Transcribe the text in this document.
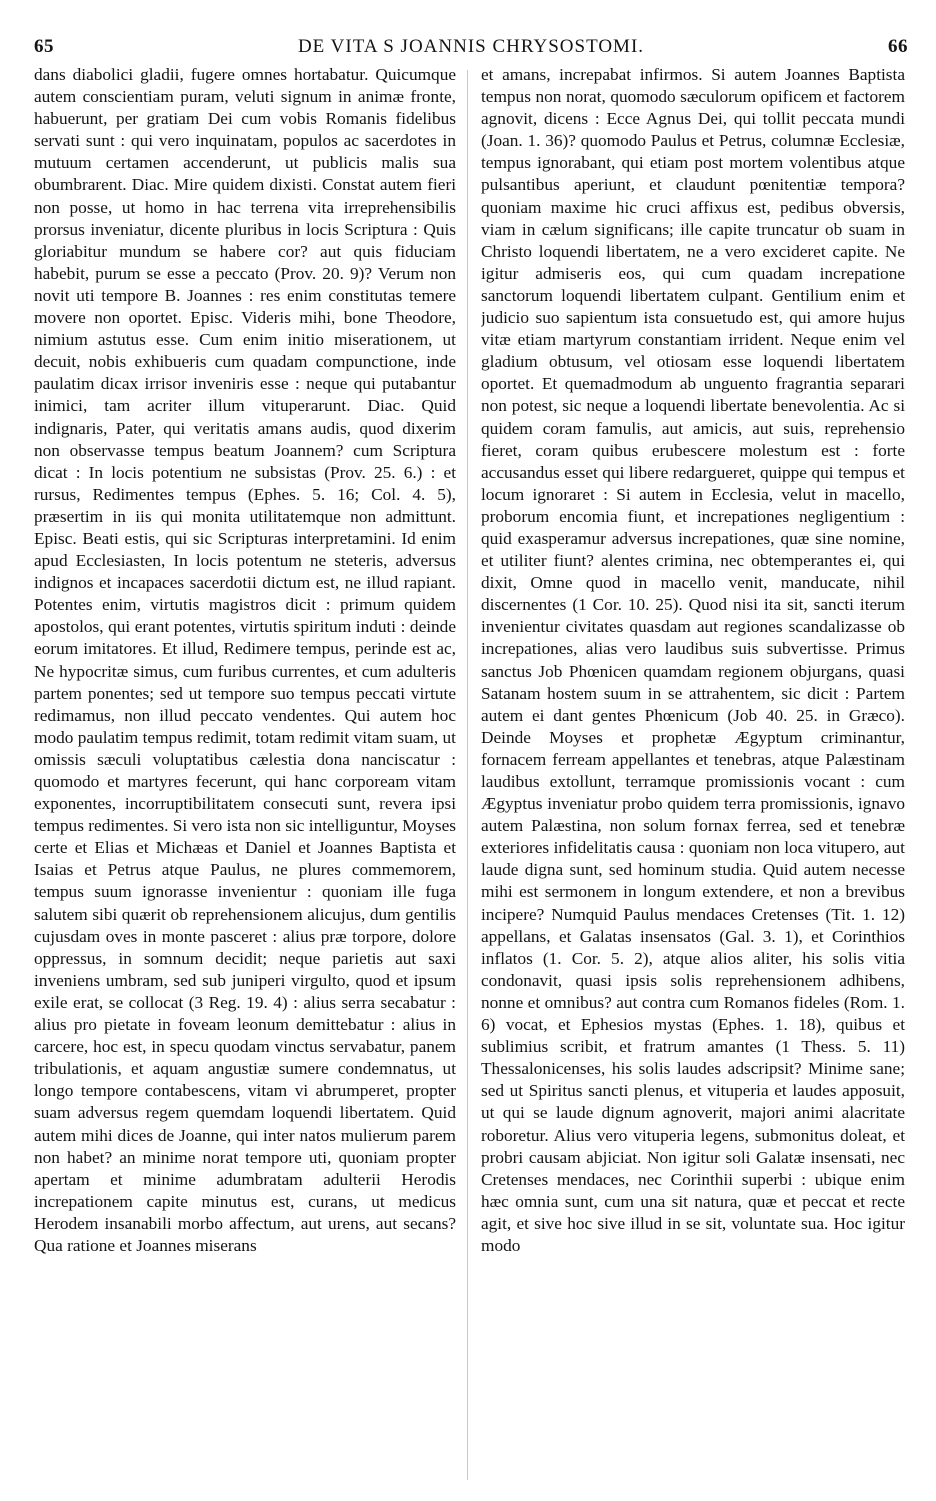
65	DE VITA S JOANNIS CHRYSOSTOMI.	66

dans diabolici gladii, fugere omnes hortabatur. Quicumque autem conscientiam puram, veluti signum in animæ fronte, habuerunt, per gratiam Dei cum vobis Romanis fidelibus servati sunt : qui vero inquinatam, populos ac sacerdotes in mutuum certamen accenderunt, ut publicis malis sua obumbrarent. Diac. Mire quidem dixisti. Constat autem fieri non posse, ut homo in hac terrena vita irreprehensibilis prorsus inveniatur, dicente pluribus in locis Scriptura : Quis gloriabitur mundum se habere cor? aut quis fiduciam habebit, purum se esse a peccato (Prov. 20. 9)? Verum non novit uti tempore B. Joannes : res enim constitutas temere movere non oportet. Episc. Videris mihi, bone Theodore, nimium astutus esse. Cum enim initio miserationem, ut decuit, nobis exhibueris cum quadam compunctione, inde paulatim dicax irrisor inveniris esse : neque qui putabantur inimici, tam acriter illum vituperarunt. Diac. Quid indignaris, Pater, qui veritatis amans audis, quod dixerim non observasse tempus beatum Joannem? cum Scriptura dicat : In locis potentium ne subsistas (Prov. 25. 6.) : et rursus, Redimentes tempus (Ephes. 5. 16; Col. 4. 5), præsertim in iis qui monita utilitatemque non admittunt. Episc. Beati estis, qui sic Scripturas interpretamini. Id enim apud Ecclesiasten, In locis potentum ne steteris, adversus indignos et incapaces sacerdotii dictum est, ne illud rapiant. Potentes enim, virtutis magistros dicit : primum quidem apostolos, qui erant potentes, virtutis spiritum induti : deinde eorum imitatores. Et illud, Redimere tempus, perinde est ac, Ne hypocritæ simus, cum furibus currentes, et cum adulteris partem ponentes; sed ut tempore suo tempus peccati virtute redimamus, non illud peccato vendentes. Qui autem hoc modo paulatim tempus redimit, totam redimit vitam suam, ut omissis sæculi voluptatibus cælestia dona nanciscatur : quomodo et martyres fecerunt, qui hanc corpoream vitam exponentes, incorruptibilitatem consecuti sunt, revera ipsi tempus redimentes. Si vero ista non sic intelliguntur, Moyses certe et Elias et Michæas et Daniel et Joannes Baptista et Isaias et Petrus atque Paulus, ne plures commemorem, tempus suum ignorasse invenientur : quoniam ille fuga salutem sibi quærit ob reprehensionem alicujus, dum gentilis cujusdam oves in monte pasceret : alius præ torpore, dolore oppressus, in somnum decidit; neque parietis aut saxi inveniens umbram, sed sub juniperi virgulto, quod et ipsum exile erat, se collocat (3 Reg. 19. 4) : alius serra secabatur : alius pro pietate in foveam leonum demittebatur : alius in carcere, hoc est, in specu quodam vinctus servabatur, panem tribulationis, et aquam angustiæ sumere condemnatus, ut longo tempore contabescens, vitam vi abrumperet, propter suam adversus regem quemdam loquendi libertatem. Quid autem mihi dices de Joanne, qui inter natos mulierum parem non habet? an minime norat tempore uti, quoniam propter apertam et minime adumbratam adulterii Herodis increpationem capite minutus est, curans, ut medicus Herodem insanabili morbo affectum, aut urens, aut secans? Qua ratione et Joannes miserans

et amans, increpabat infirmos. Si autem Joannes Baptista tempus non norat, quomodo sæculorum opificem et factorem agnovit, dicens : Ecce Agnus Dei, qui tollit peccata mundi (Joan. 1. 36)? quomodo Paulus et Petrus, columnæ Ecclesiæ, tempus ignorabant, qui etiam post mortem volentibus atque pulsantibus aperiunt, et claudunt pœnitentiæ tempora? quoniam maxime hic cruci affixus est, pedibus obversis, viam in cælum significans; ille capite truncatur ob suam in Christo loquendi libertatem, ne a vero excideret capite. Ne igitur admiseris eos, qui cum quadam increpatione sanctorum loquendi libertatem culpant. Gentilium enim et judicio suo sapientum ista consuetudo est, qui amore hujus vitæ etiam martyrum constantiam irrident. Neque enim vel gladium obtusum, vel otiosam esse loquendi libertatem oportet. Et quemadmodum ab unguento fragrantia separari non potest, sic neque a loquendi libertate benevolentia. Ac si quidem coram famulis, aut amicis, aut suis, reprehensio fieret, coram quibus erubescere molestum est : forte accusandus esset qui libere redargueret, quippe qui tempus et locum ignoraret : Si autem in Ecclesia, velut in macello, proborum encomia fiunt, et increpationes negligentium : quid exasperamur adversus increpationes, quæ sine nomine, et utiliter fiunt? alentes crimina, nec obtemperantes ei, qui dixit, Omne quod in macello venit, manducate, nihil discernentes (1 Cor. 10. 25). Quod nisi ita sit, sancti iterum invenientur civitates quasdam aut regiones scandalizasse ob increpationes, alias vero laudibus suis subvertisse. Primus sanctus Job Phœnicen quamdam regionem objurgans, quasi Satanam hostem suum in se attrahentem, sic dicit : Partem autem ei dant gentes Phœnicum (Job 40. 25. in Græco). Deinde Moyses et prophetæ Ægyptum criminantur, fornacem ferream appellantes et tenebras, atque Palæstinam laudibus extollunt, terramque promissionis vocant : cum Ægyptus inveniatur probo quidem terra promissionis, ignavo autem Palæstina, non solum fornax ferrea, sed et tenebræ exteriores infidelitatis causa : quoniam non loca vitupero, aut laude digna sunt, sed hominum studia. Quid autem necesse mihi est sermonem in longum extendere, et non a brevibus incipere? Numquid Paulus mendaces Cretenses (Tit. 1. 12) appellans, et Galatas insensatos (Gal. 3. 1), et Corinthios inflatos (1. Cor. 5. 2), atque alios aliter, his solis vitia condonavit, quasi ipsis solis reprehensionem adhibens, nonne et omnibus? aut contra cum Romanos fideles (Rom. 1. 6) vocat, et Ephesios mystas (Ephes. 1. 18), quibus et sublimius scribit, et fratrum amantes (1 Thess. 5. 11) Thessalonicenses, his solis laudes adscripsit? Minime sane; sed ut Spiritus sancti plenus, et vituperia et laudes apposuit, ut qui se laude dignum agnoverit, majori animi alacritate roboretur. Alius vero vituperia legens, submonitus doleat, et probri causam abjiciat. Non igitur soli Galatæ insensati, nec Cretenses mendaces, nec Corinthii superbi : ubique enim hæc omnia sunt, cum una sit natura, quæ et peccat et recte agit, et sive hoc sive illud in se sit, voluntate sua. Hoc igitur modo
